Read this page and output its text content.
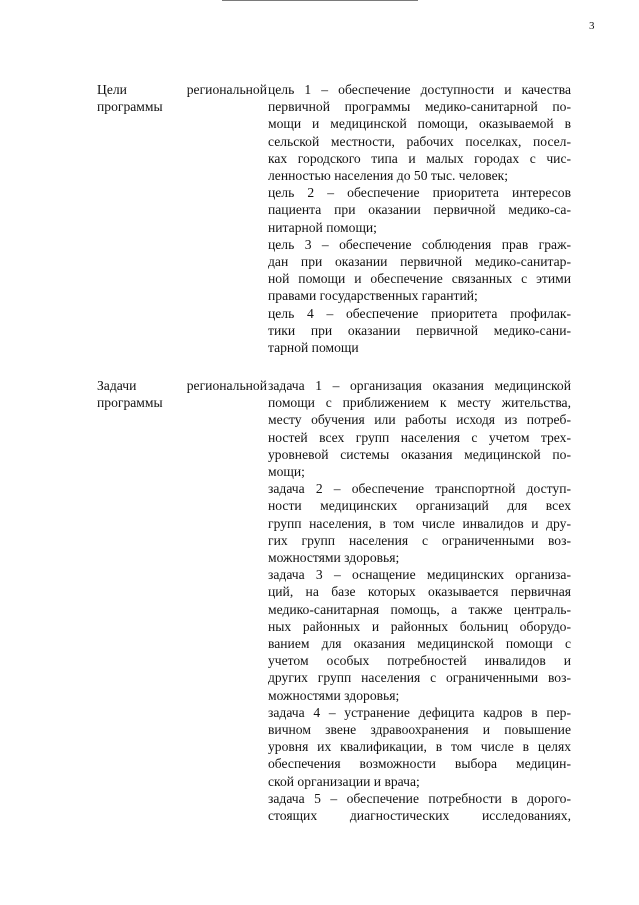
3
Цели региональной
программы

цель 1 – обеспечение доступности и качества
первичной программы медико-санитарной по-
мощи и медицинской помощи, оказываемой в
сельской местности, рабочих поселках, посел-
ках городского типа и малых городах с чис-
ленностью населения до 50 тыс. человек;

цель 2 – обеспечение приоритета интересов
пациента при оказании первичной медико-са-
нитарной помощи;

цель 3 – обеспечение соблюдения прав граж-
дан при оказании первичной медико-санитар-
ной помощи и обеспечение связанных с этими
правами государственных гарантий;

цель 4 – обеспечение приоритета профилак-
тики при оказании первичной медико-сани-
тарной помощи

Задачи региональной
программы

задача 1 – организация оказания медицинской
помощи с приближением к месту жительства,
месту обучения или работы исходя из потреб-
ностей всех групп населения с учетом трех-
уровневой системы оказания медицинской по-
мощи;

задача 2 – обеспечение транспортной доступ-
ности медицинских организаций для всех
групп населения, в том числе инвалидов и дру-
гих групп населения с ограниченными воз-
можностями здоровья;

задача 3 – оснащение медицинских организа-
ций, на базе которых оказывается первичная
медико-санитарная помощь, а также централь-
ных районных и районных больниц оборудо-
ванием для оказания медицинской помощи с
учетом особых потребностей инвалидов и
других групп населения с ограниченными воз-
можностями здоровья;

задача 4 – устранение дефицита кадров в пер-
вичном звене здравоохранения и повышение
уровня их квалификации, в том числе в целях
обеспечения возможности выбора медицин-
ской организации и врача;

задача 5 – обеспечение потребности в дорого-
стоящих диагностических исследованиях,
